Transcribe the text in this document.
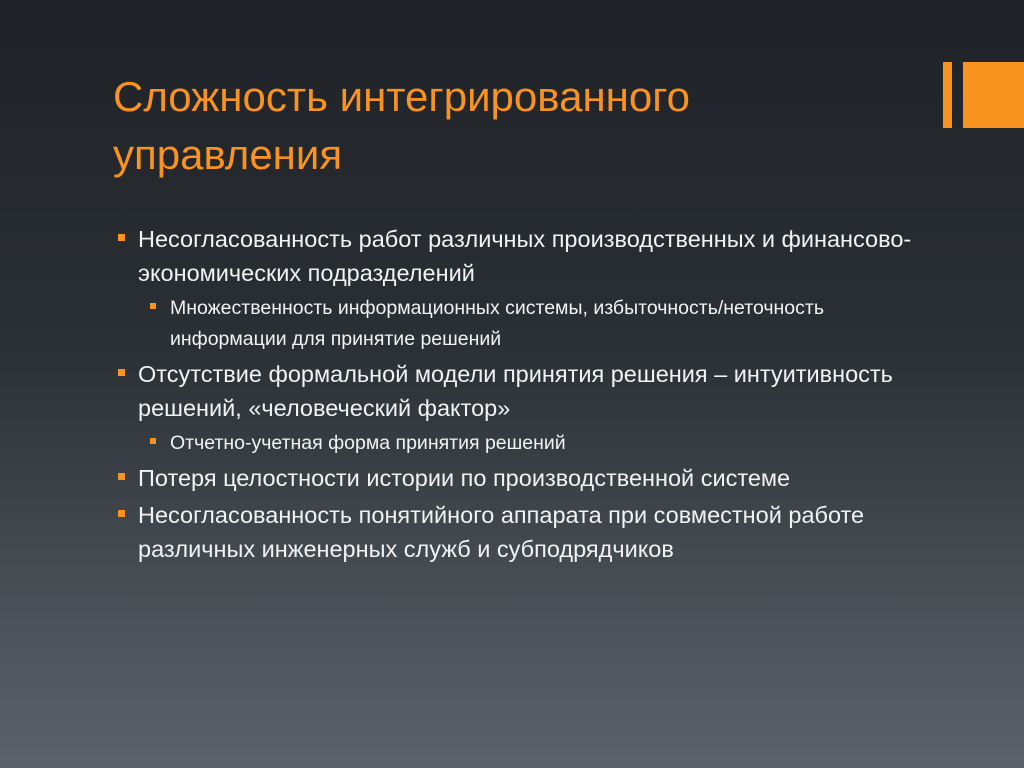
Сложность интегрированного управления
Несогласованность работ различных производственных и финансово-экономических подразделений
Множественность информационных системы, избыточность/неточность информации для принятие решений
Отсутствие формальной модели принятия решения – интуитивность решений, «человеческий фактор»
Отчетно-учетная форма принятия решений
Потеря целостности истории по производственной системе
Несогласованность понятийного аппарата при совместной работе различных инженерных служб и субподрядчиков
